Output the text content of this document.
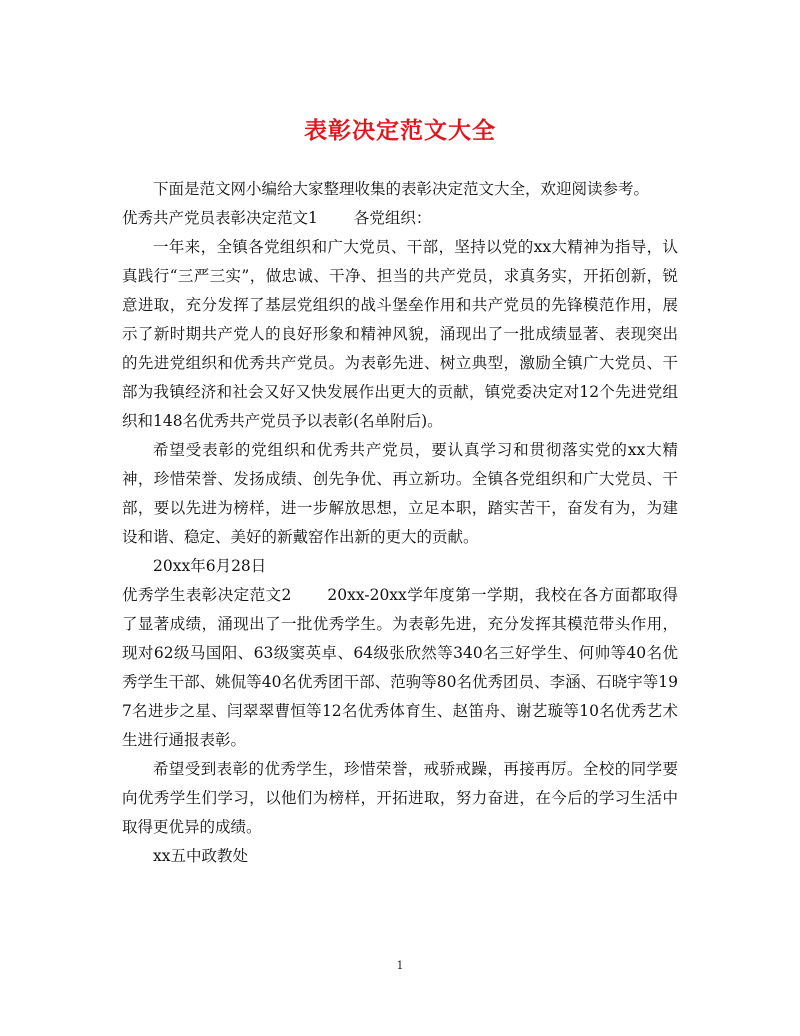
表彰决定范文大全

下面是范文网小编给大家整理收集的表彰决定范文大全，欢迎阅读参考。

优秀共产党员表彰决定范文1 各党组织：

一年来，全镇各党组织和广大党员、干部，坚持以党的xx大精神为指导，认真践行“三严三实”，做忠诚、干净、担当的共产党员，求真务实，开拓创新，锐意进取，充分发挥了基层党组织的战斗堡垒作用和共产党员的先锋模范作用，展示了新时期共产党人的良好形象和精神风貌，涌现出了一批成绩显著、表现突出的先进党组织和优秀共产党员。为表彰先进、树立典型，激励全镇广大党员、干部为我镇经济和社会又好又快发展作出更大的贡献，镇党委决定对12个先进党组织和148名优秀共产党员予以表彰(名单附后)。

希望受表彰的党组织和优秀共产党员，要认真学习和贯彻落实党的xx大精神，珍惜荣誉、发扬成绩、创先争优、再立新功。全镇各党组织和广大党员、干部，要以先进为榜样，进一步解放思想，立足本职，踏实苦干，奋发有为，为建设和谐、稳定、美好的新戴窑作出新的更大的贡献。

20xx年6月28日

优秀学生表彰决定范文2 20xx-20xx学年度第一学期，我校在各方面都取得了显著成绩，涌现出了一批优秀学生。为表彰先进，充分发挥其模范带头作用，现对62级马国阳、63级窦英卓、64级张欣然等340名三好学生、何帅等40名优秀学生干部、姚侃等40名优秀团干部、范驹等80名优秀团员、李涵、石晓宇等197名进步之星、闫翠翠曹恒等12名优秀体育生、赵笛舟、谢艺璇等10名优秀艺术生进行通报表彰。

希望受到表彰的优秀学生，珍惜荣誉，戒骄戒躁，再接再厉。全校的同学要向优秀学生们学习，以他们为榜样，开拓进取，努力奋进，在今后的学习生活中取得更优异的成绩。

xx五中政教处

1
